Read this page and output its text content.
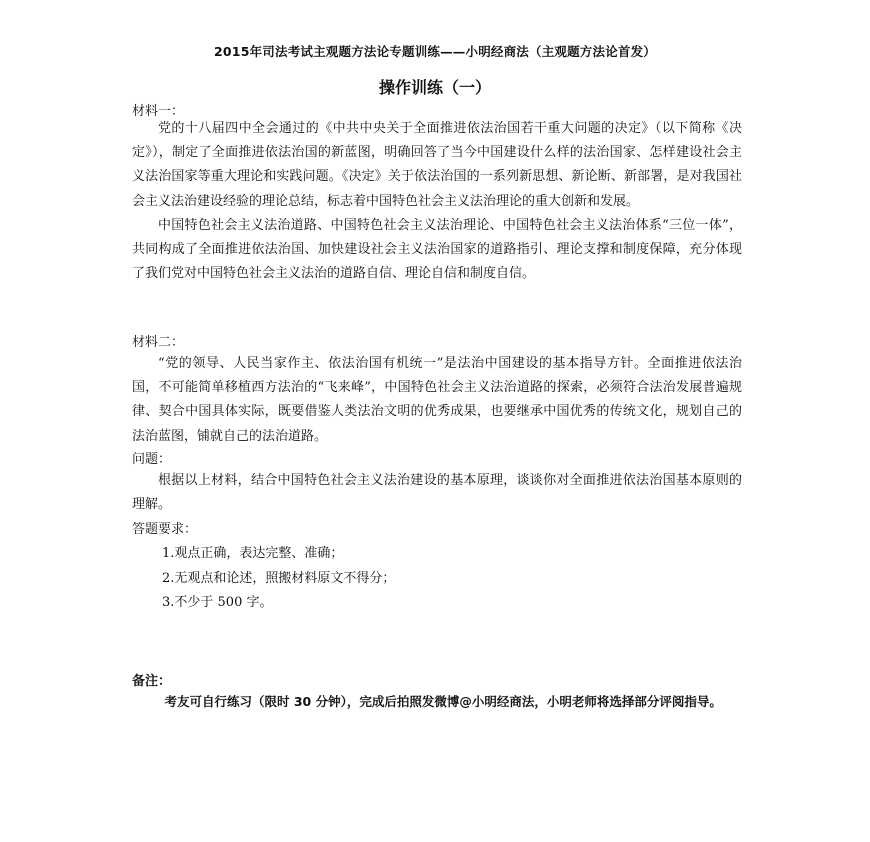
2015年司法考试主观题方法论专题训练——小明经商法（主观题方法论首发）
操作训练（一）
材料一：

党的十八届四中全会通过的《中共中央关于全面推进依法治国若干重大问题的决定》（以下简称《决定》），制定了全面推进依法治国的新蓝图，明确回答了当今中国建设什么样的法治国家、怎样建设社会主义法治国家等重大理论和实践问题。《决定》关于依法治国的一系列新思想、新论断、新部署，是对我国社会主义法治建设经验的理论总结，标志着中国特色社会主义法治理论的重大创新和发展。

中国特色社会主义法治道路、中国特色社会主义法治理论、中国特色社会主义法治体系“三位一体”，共同构成了全面推进依法治国、加快建设社会主义法治国家的道路指引、理论支撑和制度保障，充分体现了我们党对中国特色社会主义法治的道路自信、理论自信和制度自信。

材料二：

“党的领导、人民当家作主、依法治国有机统一”是法治中国建设的基本指导方针。全面推进依法治国，不可能简单移植西方法治的“飞来峰”，中国特色社会主义法治道路的探索，必须符合法治发展普遍规律、契合中国具体实际，既要借鉴人类法治文明的优秀成果，也要继承中国优秀的传统文化，规划自己的法治蓝图，铺就自己的法治道路。

问题：

根据以上材料，结合中国特色社会主义法治建设的基本原理，谈谈你对全面推进依法治国基本原则的理解。

答题要求：
1.观点正确，表达完整、准确；
2.无观点和论述，照搬材料原文不得分；
3.不少于 500 字。
备注：
考友可自行练习（限时 30 分钟），完成后拍照发微博@小明经商法，小明老师将选择部分评阅指导。
